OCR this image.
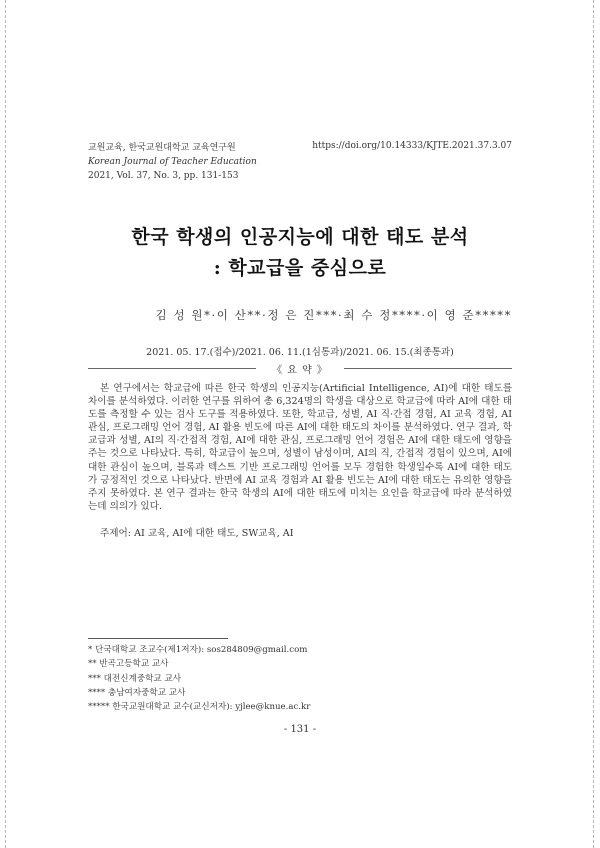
교원교육, 한국교원대학교 교육연구원
Korean Journal of Teacher Education
2021, Vol. 37, No. 3, pp. 131-153
https://doi.org/10.14333/KJTE.2021.37.3.07
한국 학생의 인공지능에 대한 태도 분석
: 학교급을 중심으로
김 성 원*·이 산**·정 은 진***·최 수 정****·이 영 준*****
2021. 05. 17.(접수)/2021. 06. 11.(1심통과)/2021. 06. 15.(최종통과)
《 요 약 》
본 연구에서는 학교급에 따른 한국 학생의 인공지능(Artificial Intelligence, AI)에 대한 태도를 차이를 분석하였다. 이러한 연구를 위하여 총 6,324명의 학생을 대상으로 학교급에 따라 AI에 대한 태도를 측정할 수 있는 검사 도구를 적용하였다. 또한, 학교급, 성별, AI 직·간접 경험, AI 교육 경험, AI 관심, 프로그래밍 언어 경험, AI 활용 빈도에 따른 AI에 대한 태도의 차이를 분석하였다. 연구 결과, 학교급과 성별, AI의 직·간접적 경험, AI에 대한 관심, 프로그래밍 언어 경험은 AI에 대한 태도에 영향을 주는 것으로 나타났다. 특히, 학교급이 높으며, 성별이 남성이며, AI의 직, 간접적 경험이 있으며, AI에 대한 관심이 높으며, 블록과 텍스트 기반 프로그래밍 언어를 모두 경험한 학생일수록 AI에 대한 태도가 긍정적인 것으로 나타났다. 반면에 AI 교육 경험과 AI 활용 빈도는 AI에 대한 태도는 유의한 영향을 주지 못하였다. 본 연구 결과는 한국 학생의 AI에 대한 태도에 미치는 요인을 학교급에 따라 분석하였는데 의의가 있다.
주제어: AI 교육, AI에 대한 태도, SW교육, AI
* 단국대학교 조교수(제1저자): sos284809@gmail.com
** 반곡고등학교 교사
*** 대전신계중학교 교사
**** 충남여자중학교 교사
***** 한국교원대학교 교수(교신저자): yjlee@knue.ac.kr
- 131 -
